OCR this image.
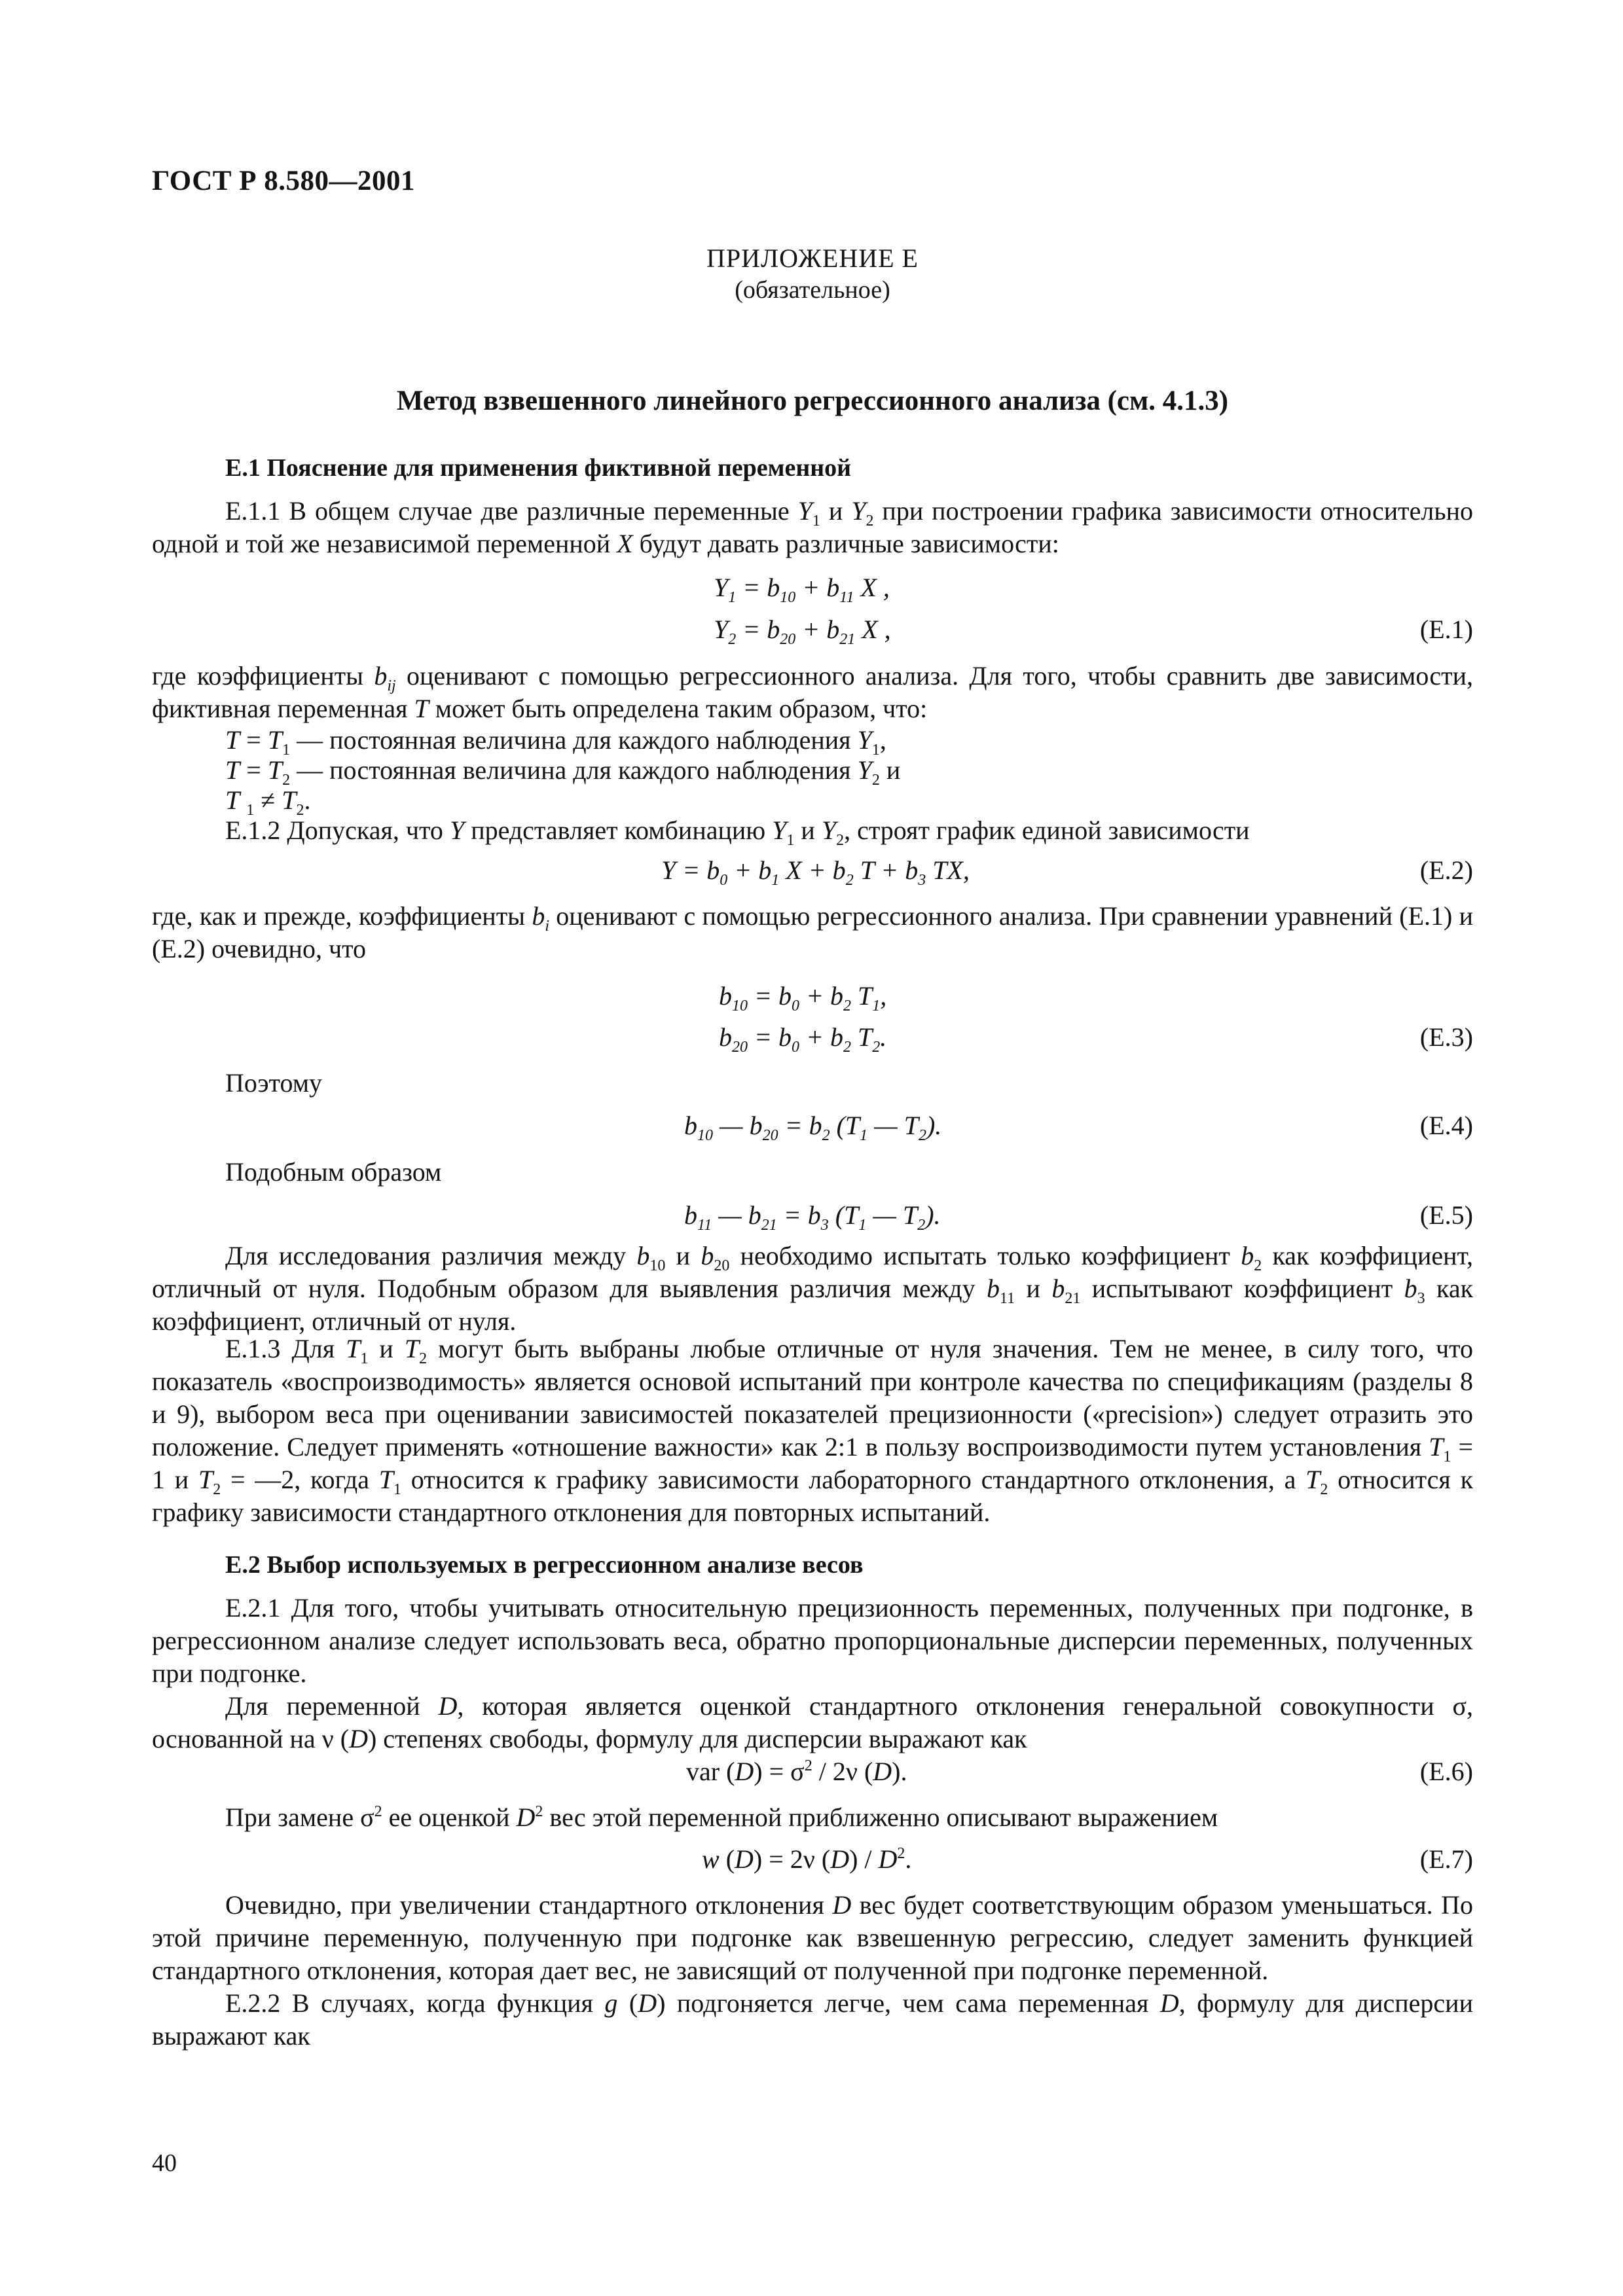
ГОСТ Р 8.580—2001
ПРИЛОЖЕНИЕ Е
(обязательное)
Метод взвешенного линейного регрессионного анализа (см. 4.1.3)
Е.1 Пояснение для применения фиктивной переменной

Е.1.1 В общем случае две различные переменные $Y_1$ и $Y_2$ при построении графика зависимости относительно одной и той же независимой переменной X будут давать различные зависимости:

$Y_1 = b_{10} + b_{11}$ X ,
$Y_2 = b_{20} + b_{21}$ X ,	(Е.1)

где коэффициенты $b_{ij}$ оценивают с помощью регрессионного анализа. Для того, чтобы сравнить две зависимости, фиктивная переменная T может быть определена таким образом, что:

$T = T_1$ — постоянная величина для каждого наблюдения $Y_1$,
$T = T_2$ — постоянная величина для каждого наблюдения $Y_2$ и
T $_1 \ne T_2$.

Е.1.2 Допуская, что Y представляет комбинацию $Y_1$ и $Y_2$, строят график единой зависимости

$Y = b_0 + b_1$ $X + b_2$ $T + b_3$ TX,	(Е.2)

где, как и прежде, коэффициенты $b_i$ оценивают с помощью регрессионного анализа. При сравнении уравнений (Е.1) и (Е.2) очевидно, что

$b_{10} = b_0 + b_2$ $T_1$,
$b_{20} = b_0 + b_2$ $T_2$.	(Е.3)
Поэтому
$b_{10}$ — $b_{20} = b_2$ ($T_1$ — $T_2$).	(Е.4)
Подобным образом
$b_{11}$ — $b_{21} = b_3$ ($T_1$ — $T_2$).	(Е.5)

Для исследования различия между $b_{10}$ и $b_{20}$ необходимо испытать только коэффициент $b_2$ как коэффициент, отличный от нуля. Подобным образом для выявления различия между $b_{11}$ и $b_{21}$ испытывают коэффициент $b_3$ как коэффициент, отличный от нуля.

Е.1.3 Для $T_1$ и $T_2$ могут быть выбраны любые отличные от нуля значения. Тем не менее, в силу того, что показатель «воспроизводимость» является основой испытаний при контроле качества по спецификациям (разделы 8 и 9), выбором веса при оценивании зависимостей показателей прецизионности («precision») следует отразить это положение. Следует применять «отношение важности» как 2:1 в пользу воспроизводимости путем установления $T_1 = 1$ и $T_2$ = —2, когда $T_1$ относится к графику зависимости лабораторного стандартного отклонения, а $T_2$ относится к графику зависимости стандартного отклонения для повторных испытаний.

Е.2 Выбор используемых в регрессионном анализе весов

Е.2.1 Для того, чтобы учитывать относительную прецизионность переменных, полученных при подгонке, в регрессионном анализе следует использовать веса, обратно пропорциональные дисперсии переменных, полученных при подгонке.

Для переменной D, которая является оценкой стандартного отклонения генеральной совокупности σ, основанной на ν (D) степенях свободы, формулу для дисперсии выражают как

var $(D) = \sigma^2 / 2\nu$ (D).	(Е.6)
При замене $\sigma^2$ ее оценкой $D^2$ вес этой переменной приближенно описывают выражением
w (D) = 2ν $(D) / D^2$.	(Е.7)

Очевидно, при увеличении стандартного отклонения D вес будет соответствующим образом уменьшаться. По этой причине переменную, полученную при подгонке как взвешенную регрессию, следует заменить функцией стандартного отклонения, которая дает вес, не зависящий от полученной при подгонке переменной.

Е.2.2 В случаях, когда функция g (D) подгоняется легче, чем сама переменная D, формулу для дисперсии выражают как

40
